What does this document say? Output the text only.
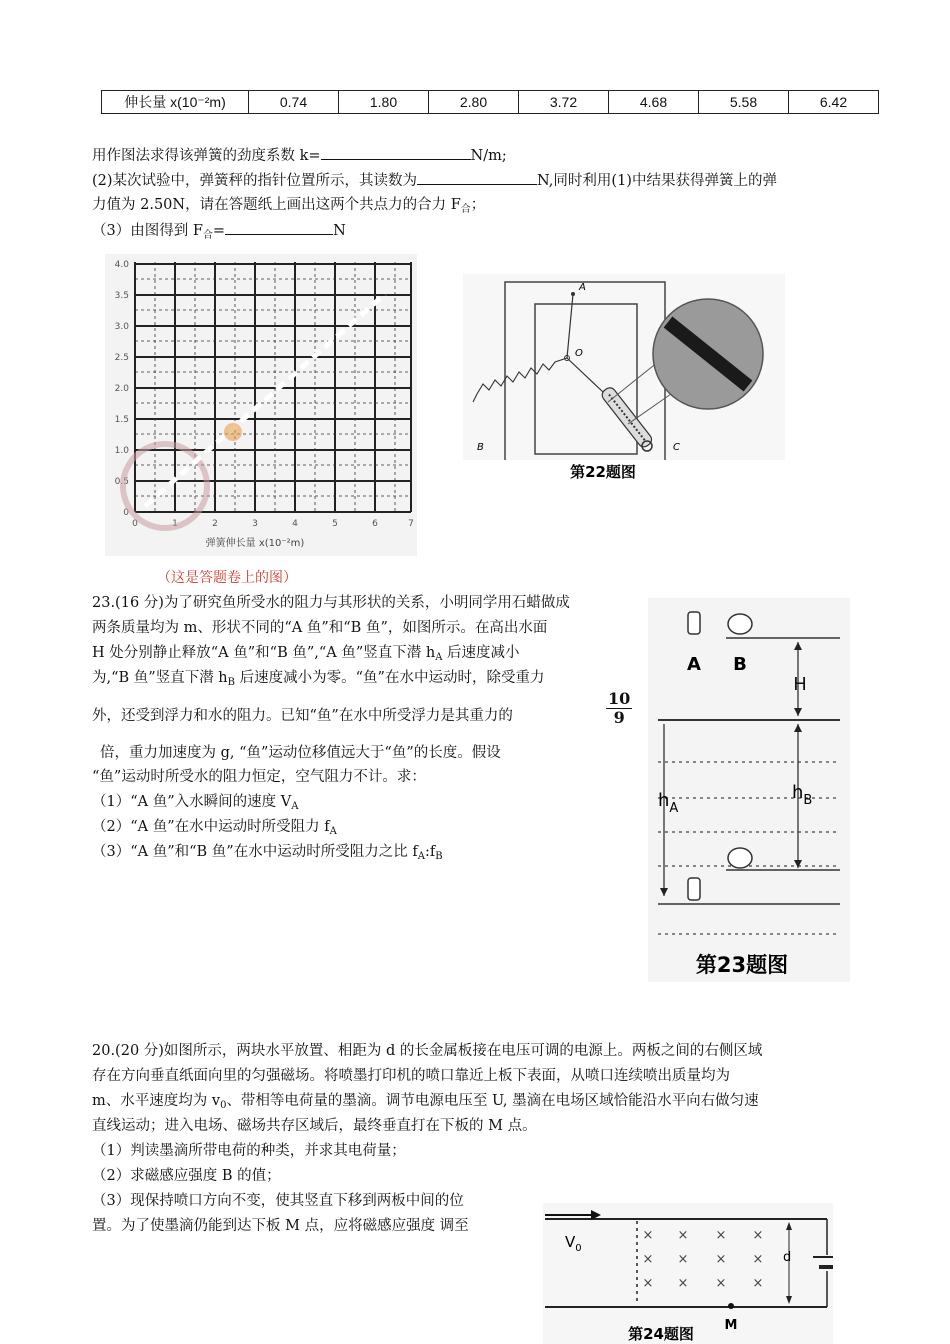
伸长量 x(10⁻²m)	0.74	1.80	2.80	3.72	4.68	5.58	6.42
用作图法求得该弹簧的劲度系数 k=	N/m;
(2)某次试验中，弹簧秤的指针位置所示，其读数为	N,同时利用(1)中结果获得弹簧上的弹
力值为 2.50N，请在答题纸上画出这两个共点力的合力 $F_合$；
（3）由图得到 $F_合=$	N
4.0
3.5
3.0
2.5
2.0
1.5
1.0
0.5
0
0	1	2	3	4	5	6	7
弹簧伸长量 x(10⁻²m)
（这是答题卷上的图）
A
O
B	C
第22题图
23.(16 分)为了研究鱼所受水的阻力与其形状的关系，小明同学用石蜡做成
两条质量均为 m、形状不同的“A 鱼”和“B 鱼”，如图所示。在高出水面
H 处分别静止释放“A 鱼”和“B 鱼”,“A 鱼”竖直下潜 $h_A$ 后速度减小
为,“B 鱼”竖直下潜 $h_B$ 后速度减小为零。“鱼”在水中运动时，除受重力
外，还受到浮力和水的阻力。已知“鱼”在水中所受浮力是其重力的	$\frac{10}{9}$
倍，重力加速度为 g, “鱼”运动位移值远大于“鱼”的长度。假设
“鱼”运动时所受水的阻力恒定，空气阻力不计。求：
（1）“A 鱼”入水瞬间的速度 $V_A$
（2）“A 鱼”在水中运动时所受阻力 $f_A$
（3）“A 鱼”和“B 鱼”在水中运动时所受阻力之比 $f_A:f_B$
A B
H
$h_A$
$h_B$
第23题图
20.(20 分)如图所示，两块水平放置、相距为 d 的长金属板接在电压可调的电源上。两板之间的右侧区域
存在方向垂直纸面向里的匀强磁场。将喷墨打印机的喷口靠近上板下表面，从喷口连续喷出质量均为
m、水平速度均为 $v_0$、带相等电荷量的墨滴。调节电源电压至 U, 墨滴在电场区域恰能沿水平向右做匀速
直线运动；进入电场、磁场共存区域后，最终垂直打在下板的 M 点。
（1）判读墨滴所带电荷的种类，并求其电荷量；
（2）求磁感应强度 B 的值；
（3）现保持喷口方向不变，使其竖直下移到两板中间的位
置。为了使墨滴仍能到达下板 M 点，应将磁感应强度 调至
$V_0$
× × × ×
× × × ×
× × × ×
d
M
第24题图
